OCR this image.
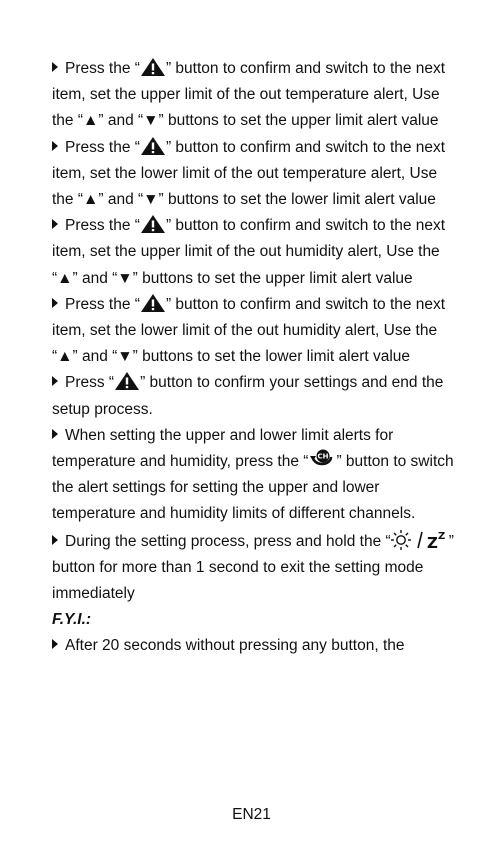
Press the “ ” button to confirm and switch to the next item, set the upper limit of the out temperature alert, Use the “▲” and “▼” buttons to set the upper limit alert value

Press the “ ” button to confirm and switch to the next item, set the lower limit of the out temperature alert, Use the “▲” and “▼” buttons to set the lower limit alert value

Press the “ ” button to confirm and switch to the next item, set the upper limit of the out humidity alert, Use the “▲” and “▼” buttons to set the upper limit alert value

Press the “ ” button to confirm and switch to the next item, set the lower limit of the out humidity alert, Use the “▲” and “▼” buttons to set the lower limit alert value

Press “ ” button to confirm your settings and end the setup process.

When setting the upper and lower limit alerts for temperature and humidity, press the “ CH ” button to switch the alert settings for setting the upper and lower temperature and humidity limits of different channels.

During the setting process, press and hold the “ Z Z ” button for more than 1 second to exit the setting mode immediately

F.Y.I.:

After 20 seconds without pressing any button, the

EN21
